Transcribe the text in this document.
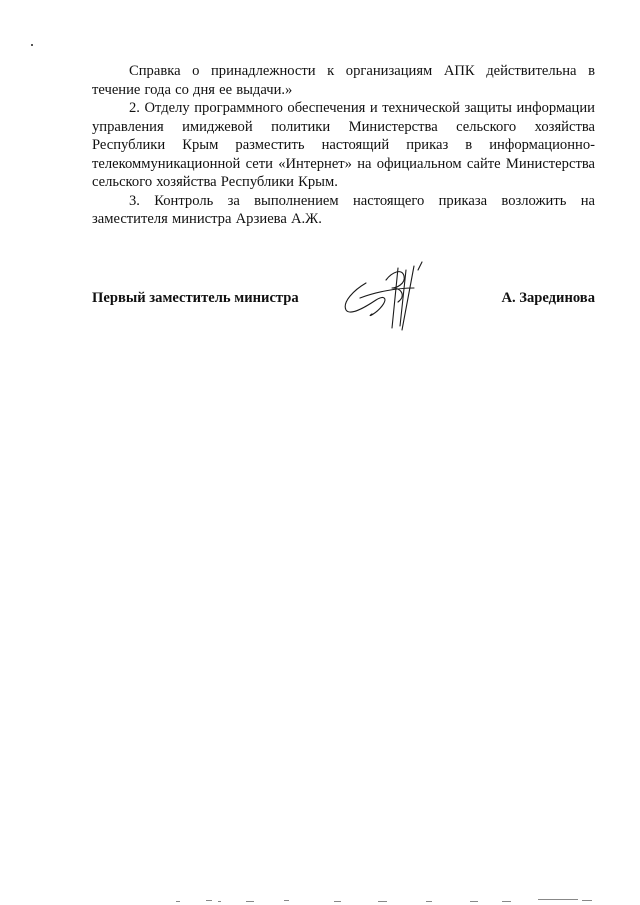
Справка о принадлежности к организациям АПК действительна в течение года со дня ее выдачи.»

2. Отделу программного обеспечения и технической защиты информации управления имиджевой политики Министерства сельского хозяйства Республики Крым разместить настоящий приказ в информационно-телекоммуникационной сети «Интернет» на официальном сайте Министерства сельского хозяйства Республики Крым.

3. Контроль за выполнением настоящего приказа возложить на заместителя министра Арзиева А.Ж.

Первый заместитель министра	А. Зарединова
